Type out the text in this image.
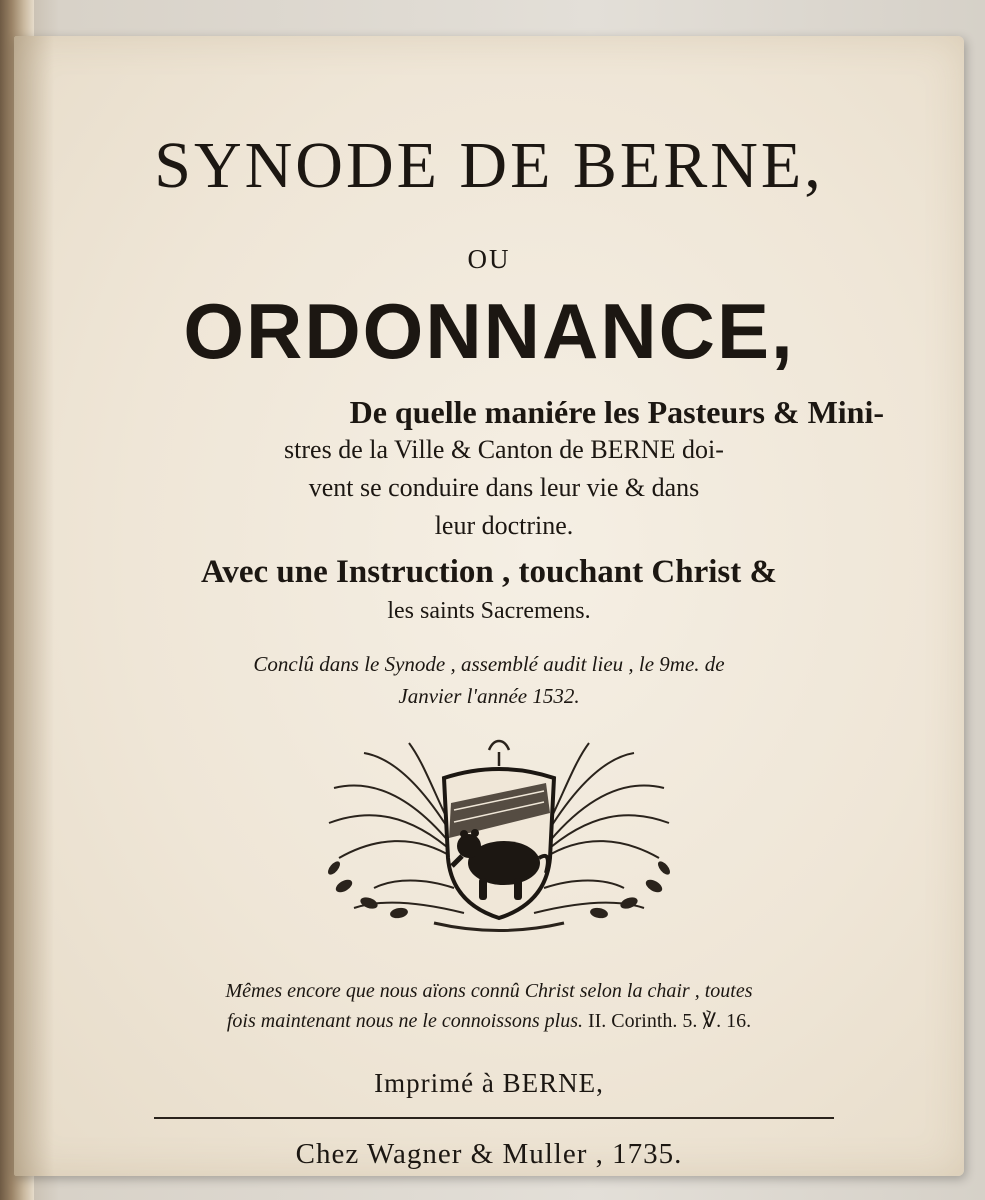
SYNODE DE BERNE,
OU
ORDONNANCE,
De quelle maniére les Pasteurs & Mini-
stres de la Ville & Canton de BERNE doi-
vent se conduire dans leur vie & dans
leur doctrine.
Avec une Instruction , touchant Christ &
les saints Sacremens.
Conclû dans le Synode , assemblé audit lieu , le 9me. de
Janvier l'année 1532.
Mêmes encore que nous aïons connû Christ selon la chair , toutes
fois maintenant nous ne le connoissons plus. II. Corinth. 5. ℣. 16.
Imprimé à BERNE,
Chez Wagner & Muller , 1735.
